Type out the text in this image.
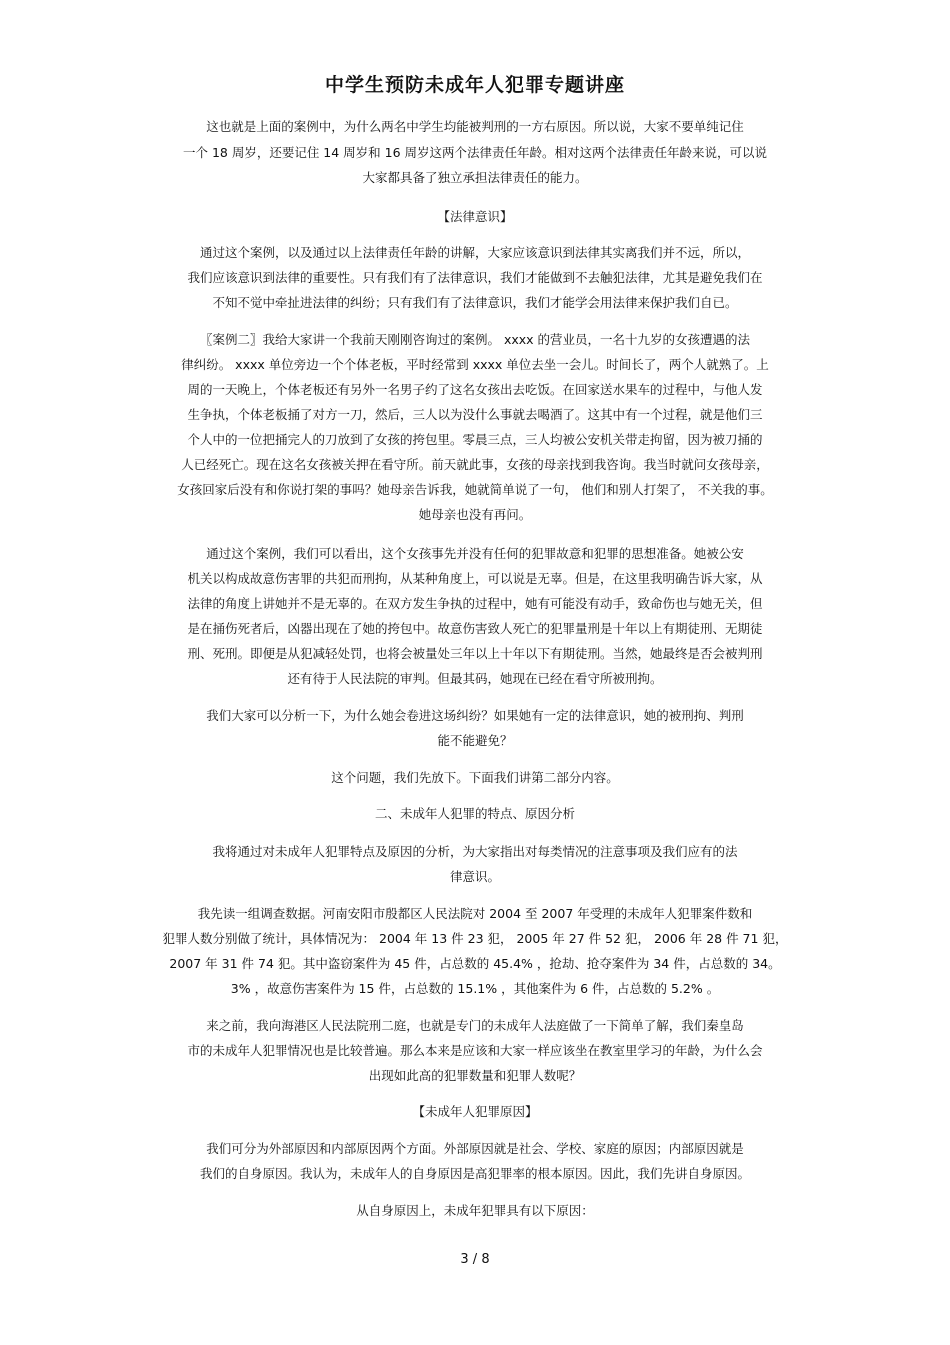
中学生预防未成年人犯罪专题讲座
这也就是上面的案例中，为什么两名中学生均能被判刑的一方右原因。所以说，大家不要单纯记住
一个 18 周岁，还要记住 14 周岁和 16 周岁这两个法律责任年龄。相对这两个法律责任年龄来说，可以说
大家都具备了独立承担法律责任的能力。
【法律意识】
通过这个案例，以及通过以上法律责任年龄的讲解，大家应该意识到法律其实离我们并不远，所以，
我们应该意识到法律的重要性。只有我们有了法律意识，我们才能做到不去触犯法律，尤其是避免我们在
不知不觉中牵扯进法律的纠纷；只有我们有了法律意识，我们才能学会用法律来保护我们自已。
〖案例二〗我给大家讲一个我前天刚刚咨询过的案例。 xxxx 的营业员，一名十九岁的女孩遭遇的法
律纠纷。 xxxx 单位旁边一个个体老板，平时经常到 xxxx 单位去坐一会儿。时间长了，两个人就熟了。上
周的一天晚上，个体老板还有另外一名男子约了这名女孩出去吃饭。在回家送水果车的过程中，与他人发
生争执，个体老板捅了对方一刀，然后，三人以为没什么事就去喝酒了。这其中有一个过程，就是他们三
个人中的一位把捅完人的刀放到了女孩的挎包里。零晨三点，三人均被公安机关带走拘留，因为被刀捅的
人已经死亡。现在这名女孩被关押在看守所。前天就此事，女孩的母亲找到我咨询。我当时就问女孩母亲，
女孩回家后没有和你说打架的事吗？她母亲告诉我，她就简单说了一句， 他们和别人打架了， 不关我的事。
她母亲也没有再问。
通过这个案例，我们可以看出，这个女孩事先并没有任何的犯罪故意和犯罪的思想准备。她被公安
机关以构成故意伤害罪的共犯而刑拘，从某种角度上，可以说是无辜。但是，在这里我明确告诉大家，从
法律的角度上讲她并不是无辜的。在双方发生争执的过程中，她有可能没有动手，致命伤也与她无关，但
是在捅伤死者后，凶器出现在了她的挎包中。故意伤害致人死亡的犯罪量刑是十年以上有期徒刑、无期徒
刑、死刑。即便是从犯减轻处罚，也将会被量处三年以上十年以下有期徒刑。当然，她最终是否会被判刑
还有待于人民法院的审判。但最其码，她现在已经在看守所被刑拘。
我们大家可以分析一下，为什么她会卷进这场纠纷？如果她有一定的法律意识，她的被刑拘、判刑
能不能避免？
这个问题，我们先放下。下面我们讲第二部分内容。
二、未成年人犯罪的特点、原因分析
我将通过对未成年人犯罪特点及原因的分析，为大家指出对每类情况的注意事项及我们应有的法
律意识。
我先读一组调查数据。河南安阳市殷都区人民法院对 2004 至 2007 年受理的未成年人犯罪案件数和
犯罪人数分别做了统计，具体情况为： 2004 年 13 件 23 犯， 2005 年 27 件 52 犯， 2006 年 28 件 71 犯，
2007 年 31 件 74 犯。其中盗窃案件为 45 件，占总数的 45.4% ，抢劫、抢夺案件为 34 件，占总数的 34。
3% ，故意伤害案件为 15 件，占总数的 15.1% ，其他案件为 6 件，占总数的 5.2% 。
来之前，我向海港区人民法院刑二庭，也就是专门的未成年人法庭做了一下简单了解，我们秦皇岛
市的未成年人犯罪情况也是比较普遍。那么本来是应该和大家一样应该坐在教室里学习的年龄，为什么会
出现如此高的犯罪数量和犯罪人数呢？
【未成年人犯罪原因】
我们可分为外部原因和内部原因两个方面。外部原因就是社会、学校、家庭的原因；内部原因就是
我们的自身原因。我认为，未成年人的自身原因是高犯罪率的根本原因。因此，我们先讲自身原因。
从自身原因上，未成年犯罪具有以下原因：
3 / 8
